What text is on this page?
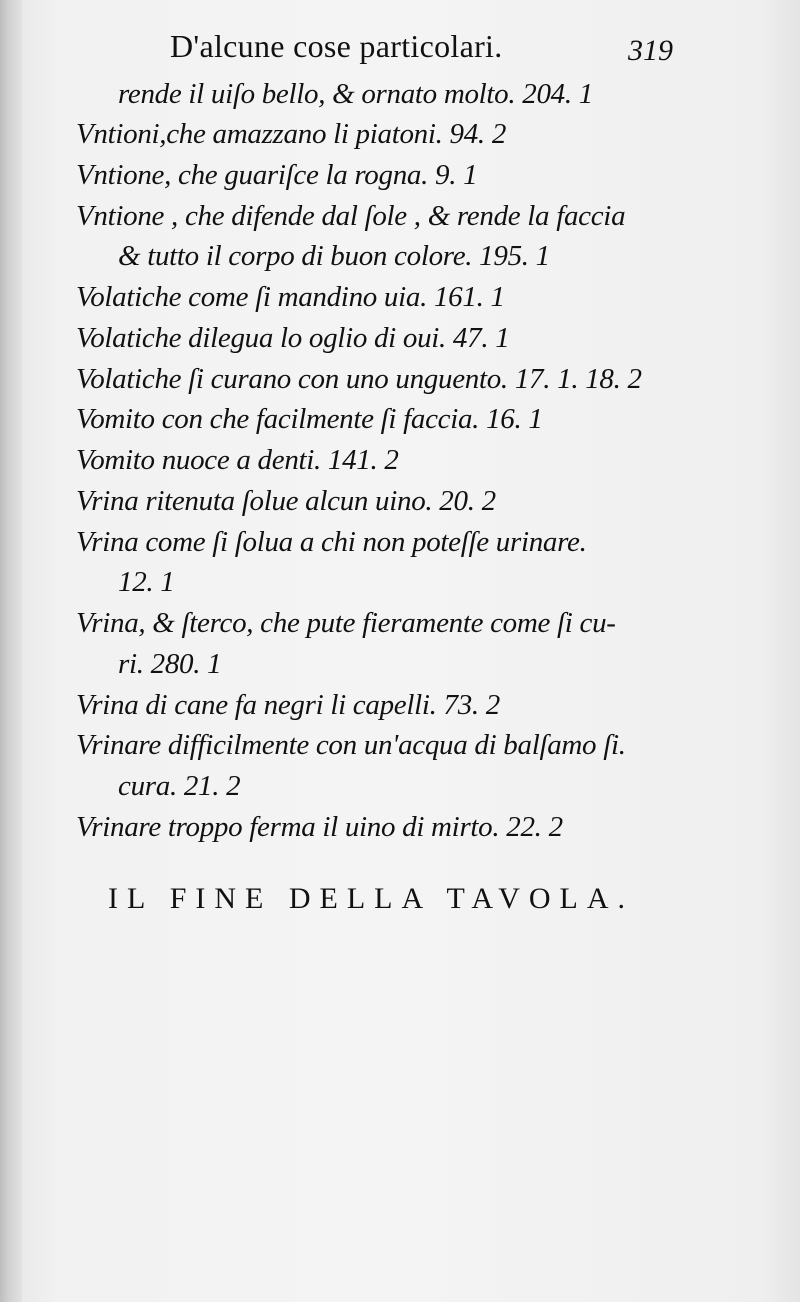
D'alcune cose particolari.	319
rende il uiſo bello, & ornato molto. 204. 1
Vntioni,che amazzano li piatoni. 94. 2
Vntione, che guariſce la rogna. 9. 1
Vntione , che difende dal ſole , & rende la faccia
& tutto il corpo di buon colore. 195. 1
Volatiche come ſi mandino uia. 161. 1
Volatiche dilegua lo oglio di oui. 47. 1
Volatiche ſi curano con uno unguento. 17. 1. 18. 2
Vomito con che facilmente ſi faccia. 16. 1
Vomito nuoce a denti. 141. 2
Vrina ritenuta ſolue alcun uino. 20. 2
Vrina come ſi ſolua a chi non poteſſe urinare.
12. 1
Vrina, & ſterco, che pute fieramente come ſi cu-
ri. 280. 1
Vrina di cane fa negri li capelli. 73. 2
Vrinare difficilmente con un'acqua di balſamo ſi.
cura. 21. 2
Vrinare troppo ferma il uino di mirto. 22. 2
IL FINE DELLA TAVOLA.
